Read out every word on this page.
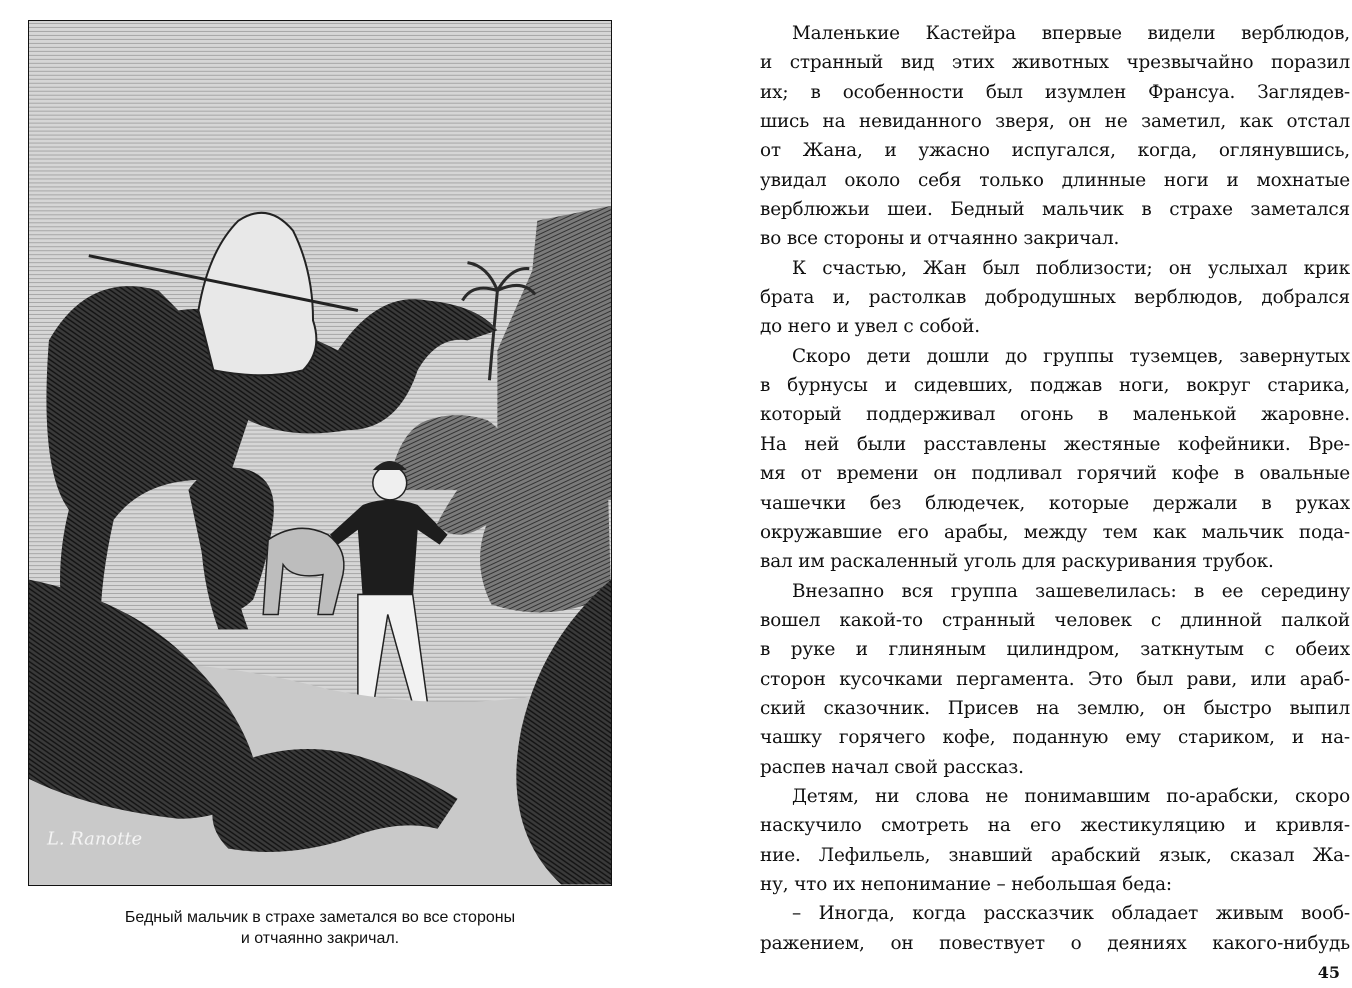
L. Ranotte
Бедный мальчик в страхе заметался во все стороны
и отчаянно закричал.
Маленькие Кастейра впервые видели верблюдов,
и странный вид этих животных чрезвычайно поразил
их; в особенности был изумлен Франсуа. Заглядев-
шись на невиданного зверя, он не заметил, как отстал
от Жана, и ужасно испугался, когда, оглянувшись,
увидал около себя только длинные ноги и мохнатые
верблюжьи шеи. Бедный мальчик в страхе заметался
во все стороны и отчаянно закричал.
К счастью, Жан был поблизости; он услыхал крик
брата и, растолкав добродушных верблюдов, добрался
до него и увел с собой.
Скоро дети дошли до группы туземцев, завернутых
в бурнусы и сидевших, поджав ноги, вокруг старика,
который поддерживал огонь в маленькой жаровне.
На ней были расставлены жестяные кофейники. Вре-
мя от времени он подливал горячий кофе в овальные
чашечки без блюдечек, которые держали в руках
окружавшие его арабы, между тем как мальчик пода-
вал им раскаленный уголь для раскуривания трубок.
Внезапно вся группа зашевелилась: в ее середину
вошел какой-то странный человек с длинной палкой
в руке и глиняным цилиндром, заткнутым с обеих
сторон кусочками пергамента. Это был рави, или араб-
ский сказочник. Присев на землю, он быстро выпил
чашку горячего кофе, поданную ему стариком, и на-
распев начал свой рассказ.
Детям, ни слова не понимавшим по-арабски, скоро
наскучило смотреть на его жестикуляцию и кривля-
ние. Лефильель, знавший арабский язык, сказал Жа-
ну, что их непонимание – небольшая беда:
– Иногда, когда рассказчик обладает живым вооб-
ражением, он повествует о деяниях какого-нибудь
45
